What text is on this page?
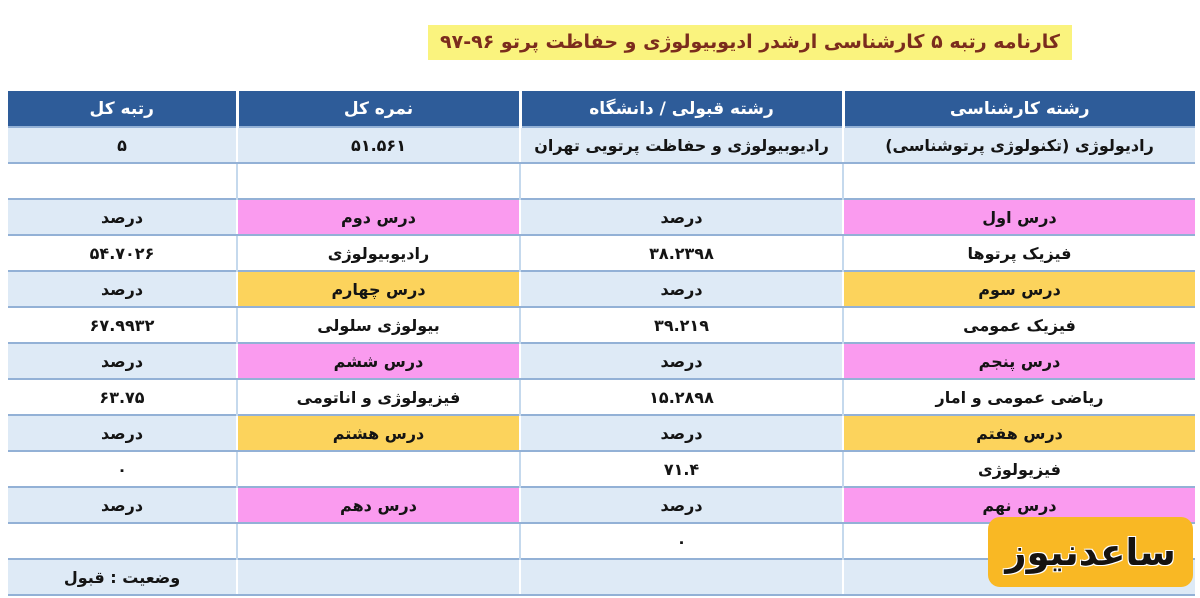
کارنامه رتبه ۵ کارشناسی ارشدر ادیوبیولوژی و حفاظت پرتو ۹۶-۹۷
رشته کارشناسی	رشته قبولی / دانشگاه	نمره کل	رتبه کل
رادیولوژی (تکنولوژی پرتوشناسی)	رادیوبیولوژی و حفاظت پرتویی تهران	۵۱.۵۶۱	۵

درس اول	درصد	درس دوم	درصد
فیزیک پرتوها	۳۸.۲۳۹۸	رادیوبیولوژی	۵۴.۷۰۲۶
درس سوم	درصد	درس چهارم	درصد
فیزیک عمومی	۳۹.۲۱۹	بیولوژی سلولی	۶۷.۹۹۳۲
درس پنجم	درصد	درس ششم	درصد
ریاضی عمومی و امار	۱۵.۲۸۹۸	فیزیولوژی و اناتومی	۶۳.۷۵
درس هفتم	درصد	درس هشتم	درصد
فیزیولوژی	۷۱.۴		۰
درس نهم	درصد	درس دهم	درصد
	۰		
			وضعیت : قبول
ساعدنیوز
